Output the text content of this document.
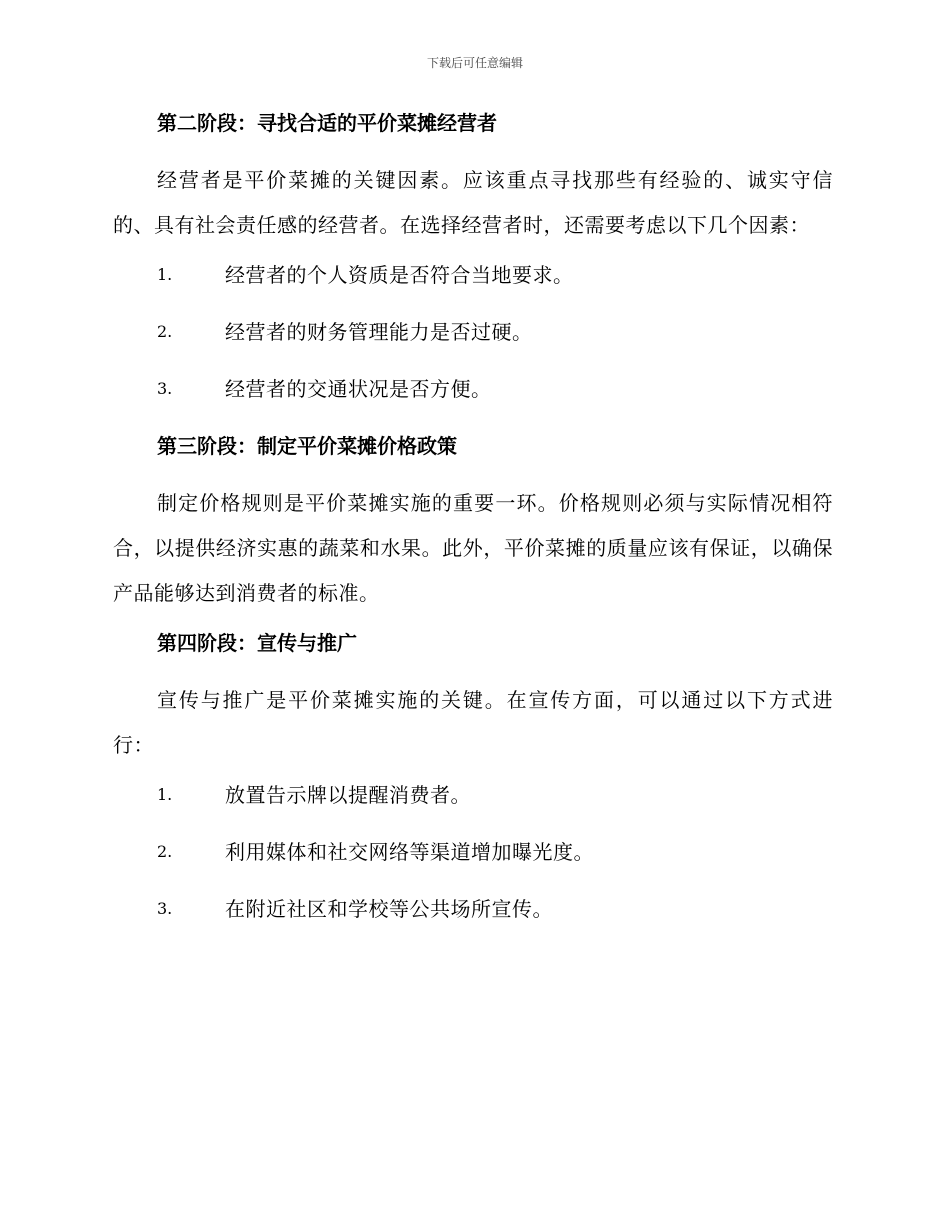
下载后可任意编辑
第二阶段：寻找合适的平价菜摊经营者

经营者是平价菜摊的关键因素。应该重点寻找那些有经验的、诚实守信的、具有社会责任感的经营者。在选择经营者时，还需要考虑以下几个因素：

1.	经营者的个人资质是否符合当地要求。
2.	经营者的财务管理能力是否过硬。
3.	经营者的交通状况是否方便。
第三阶段：制定平价菜摊价格政策

制定价格规则是平价菜摊实施的重要一环。价格规则必须与实际情况相符合，以提供经济实惠的蔬菜和水果。此外，平价菜摊的质量应该有保证，以确保产品能够达到消费者的标准。

第四阶段：宣传与推广

宣传与推广是平价菜摊实施的关键。在宣传方面，可以通过以下方式进行：

1.	放置告示牌以提醒消费者。
2.	利用媒体和社交网络等渠道增加曝光度。
3.	在附近社区和学校等公共场所宣传。
